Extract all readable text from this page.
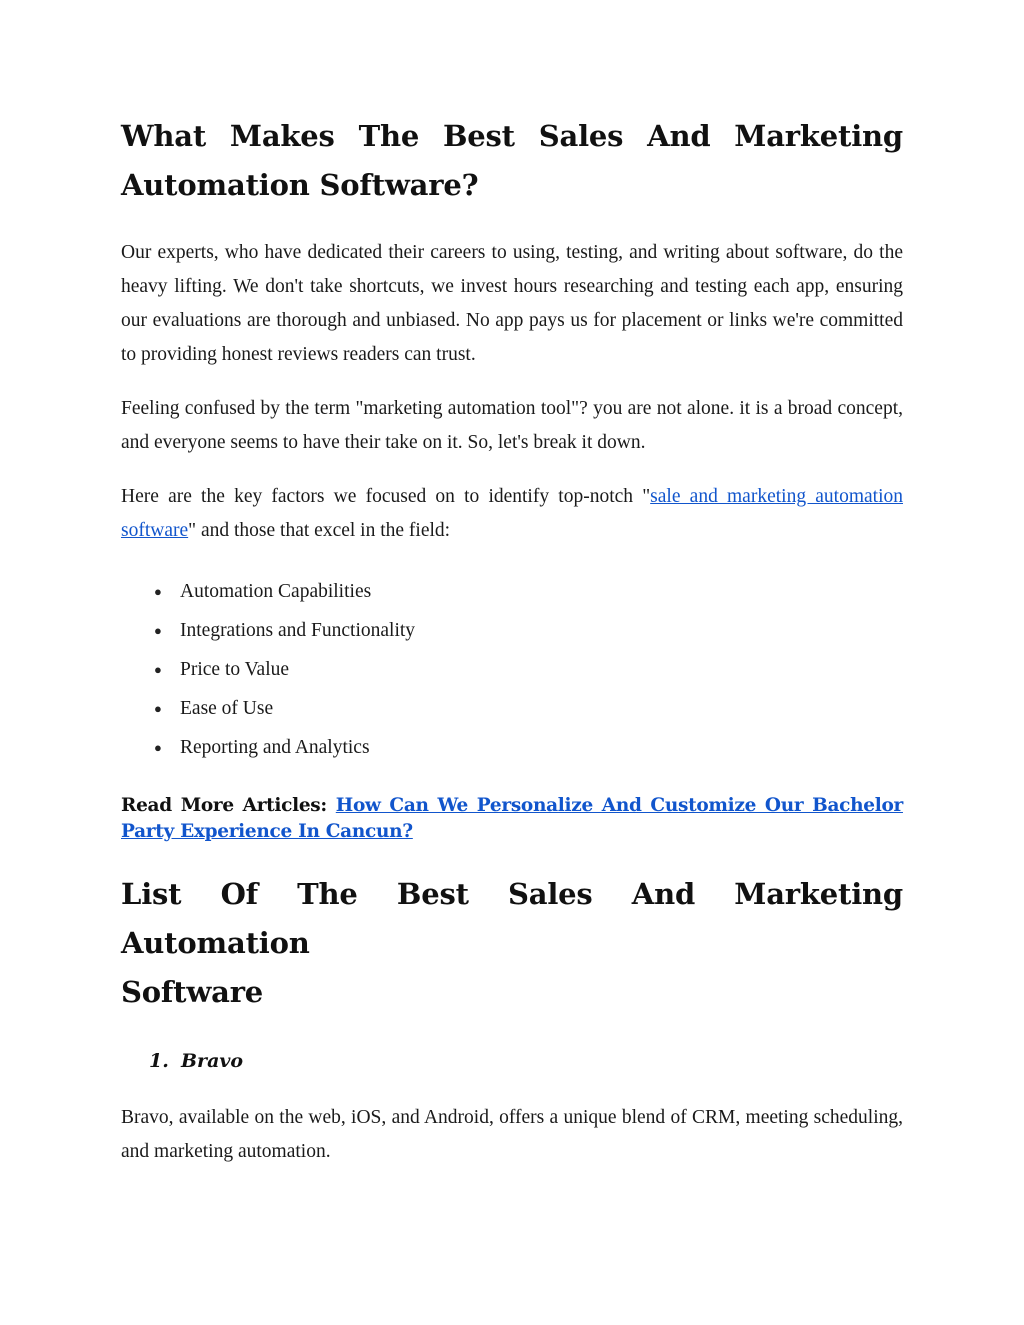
What Makes The Best Sales And Marketing
Automation Software?

Our experts, who have dedicated their careers to using, testing, and writing about software, do the heavy lifting. We don't take shortcuts, we invest hours researching and testing each app, ensuring our evaluations are thorough and unbiased. No app pays us for placement or links we're committed to providing honest reviews readers can trust.

Feeling confused by the term "marketing automation tool"? you are not alone. it is a broad concept, and everyone seems to have their take on it. So, let's break it down.

Here are the key factors we focused on to identify top-notch "sale and marketing automation software" and those that excel in the field:

● Automation Capabilities
● Integrations and Functionality
● Price to Value
● Ease of Use
● Reporting and Analytics
Read More Articles: How Can We Personalize And Customize Our Bachelor Party Experience In Cancun?
List Of The Best Sales And Marketing Automation
Software
1. Bravo

Bravo, available on the web, iOS, and Android, offers a unique blend of CRM, meeting scheduling, and marketing automation.
